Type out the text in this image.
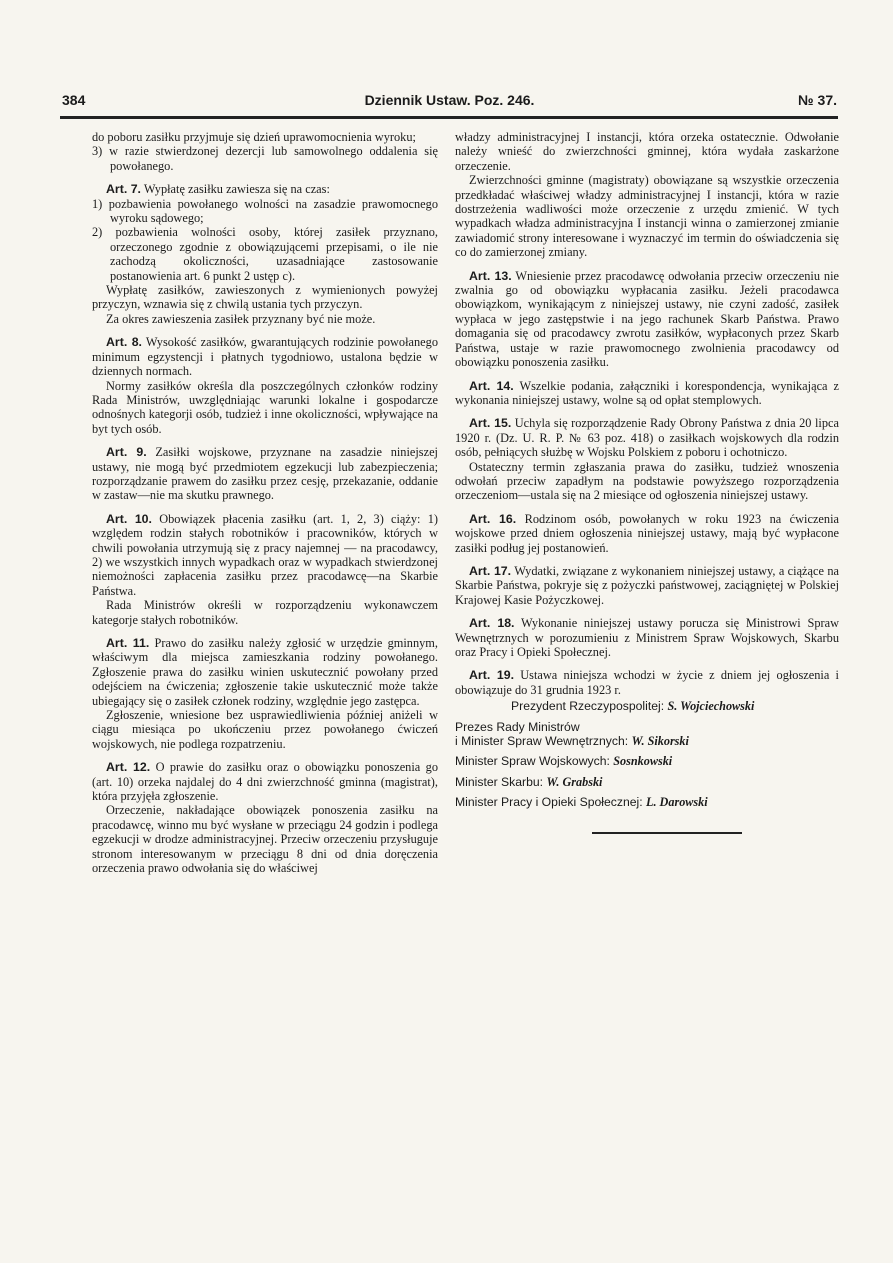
384	Dziennik Ustaw. Poz. 246.	№ 37.

do poboru zasiłku przyjmuje się dzień uprawomocnienia wyroku;

3) w razie stwierdzonej dezercji lub samowolnego oddalenia się powołanego.

Art. 7. Wypłatę zasiłku zawiesza się na czas:

1) pozbawienia powołanego wolności na zasadzie prawomocnego wyroku sądowego;

2) pozbawienia wolności osoby, której zasiłek przyznano, orzeczonego zgodnie z obowiązującemi przepisami, o ile nie zachodzą okoliczności, uzasadniające zastosowanie postanowienia art. 6 punkt 2 ustęp c).

Wypłatę zasiłków, zawieszonych z wymienionych powyżej przyczyn, wznawia się z chwilą ustania tych przyczyn.

Za okres zawieszenia zasiłek przyznany być nie może.

Art. 8. Wysokość zasiłków, gwarantujących rodzinie powołanego minimum egzystencji i płatnych tygodniowo, ustalona będzie w dziennych normach.

Normy zasiłków określa dla poszczególnych członków rodziny Rada Ministrów, uwzględniając warunki lokalne i gospodarcze odnośnych kategorji osób, tudzież i inne okoliczności, wpływające na byt tych osób.

Art. 9. Zasiłki wojskowe, przyznane na zasadzie niniejszej ustawy, nie mogą być przedmiotem egzekucji lub zabezpieczenia; rozporządzanie prawem do zasiłku przez cesję, przekazanie, oddanie w zastaw—nie ma skutku prawnego.

Art. 10. Obowiązek płacenia zasiłku (art. 1, 2, 3) ciąży: 1) względem rodzin stałych robotników i pracowników, których w chwili powołania utrzymują się z pracy najemnej — na pracodawcy, 2) we wszystkich innych wypadkach oraz w wypadkach stwierdzonej niemożności zapłacenia zasiłku przez pracodawcę—na Skarbie Państwa.

Rada Ministrów określi w rozporządzeniu wykonawczem kategorje stałych robotników.

Art. 11. Prawo do zasiłku należy zgłosić w urzędzie gminnym, właściwym dla miejsca zamieszkania rodziny powołanego. Zgłoszenie prawa do zasiłku winien uskutecznić powołany przed odejściem na ćwiczenia; zgłoszenie takie uskutecznić może także ubiegający się o zasiłek członek rodziny, względnie jego zastępca.

Zgłoszenie, wniesione bez usprawiedliwienia później aniżeli w ciągu miesiąca po ukończeniu przez powołanego ćwiczeń wojskowych, nie podlega rozpatrzeniu.

Art. 12. O prawie do zasiłku oraz o obowiązku ponoszenia go (art. 10) orzeka najdalej do 4 dni zwierzchność gminna (magistrat), która przyjęła zgłoszenie.

Orzeczenie, nakładające obowiązek ponoszenia zasiłku na pracodawcę, winno mu być wysłane w przeciągu 24 godzin i podlega egzekucji w drodze administracyjnej. Przeciw orzeczeniu przysługuje stronom interesowanym w przeciągu 8 dni od dnia doręczenia orzeczenia prawo odwołania się do właściwej

władzy administracyjnej I instancji, która orzeka ostatecznie. Odwołanie należy wnieść do zwierzchności gminnej, która wydała zaskarżone orzeczenie.

Zwierzchności gminne (magistraty) obowiązane są wszystkie orzeczenia przedkładać właściwej władzy administracyjnej I instancji, która w razie dostrzeżenia wadliwości może orzeczenie z urzędu zmienić. W tych wypadkach władza administracyjna I instancji winna o zamierzonej zmianie zawiadomić strony interesowane i wyznaczyć im termin do oświadczenia się co do zamierzonej zmiany.

Art. 13. Wniesienie przez pracodawcę odwołania przeciw orzeczeniu nie zwalnia go od obowiązku wypłacania zasiłku. Jeżeli pracodawca obowiązkom, wynikającym z niniejszej ustawy, nie czyni zadość, zasiłek wypłaca w jego zastępstwie i na jego rachunek Skarb Państwa. Prawo domagania się od pracodawcy zwrotu zasiłków, wypłaconych przez Skarb Państwa, ustaje w razie prawomocnego zwolnienia pracodawcy od obowiązku ponoszenia zasiłku.

Art. 14. Wszelkie podania, załączniki i korespondencja, wynikająca z wykonania niniejszej ustawy, wolne są od opłat stemplowych.

Art. 15. Uchyla się rozporządzenie Rady Obrony Państwa z dnia 20 lipca 1920 r. (Dz. U. R. P. № 63 poz. 418) o zasiłkach wojskowych dla rodzin osób, pełniących służbę w Wojsku Polskiem z poboru i ochotniczo.

Ostateczny termin zgłaszania prawa do zasiłku, tudzież wnoszenia odwołań przeciw zapadłym na podstawie powyższego rozporządzenia orzeczeniom—ustala się na 2 miesiące od ogłoszenia niniejszej ustawy.

Art. 16. Rodzinom osób, powołanych w roku 1923 na ćwiczenia wojskowe przed dniem ogłoszenia niniejszej ustawy, mają być wypłacone zasiłki podług jej postanowień.

Art. 17. Wydatki, związane z wykonaniem niniejszej ustawy, a ciążące na Skarbie Państwa, pokryje się z pożyczki państwowej, zaciągniętej w Polskiej Krajowej Kasie Pożyczkowej.

Art. 18. Wykonanie niniejszej ustawy porucza się Ministrowi Spraw Wewnętrznych w porozumieniu z Ministrem Spraw Wojskowych, Skarbu oraz Pracy i Opieki Społecznej.

Art. 19. Ustawa niniejsza wchodzi w życie z dniem jej ogłoszenia i obowiązuje do 31 grudnia 1923 r.

Prezydent Rzeczypospolitej: S. Wojciechowski

Prezes Rady Ministrów
i Minister Spraw Wewnętrznych: W. Sikorski

Minister Spraw Wojskowych: Sosnkowski

Minister Skarbu: W. Grabski

Minister Pracy i Opieki Społecznej: L. Darowski
